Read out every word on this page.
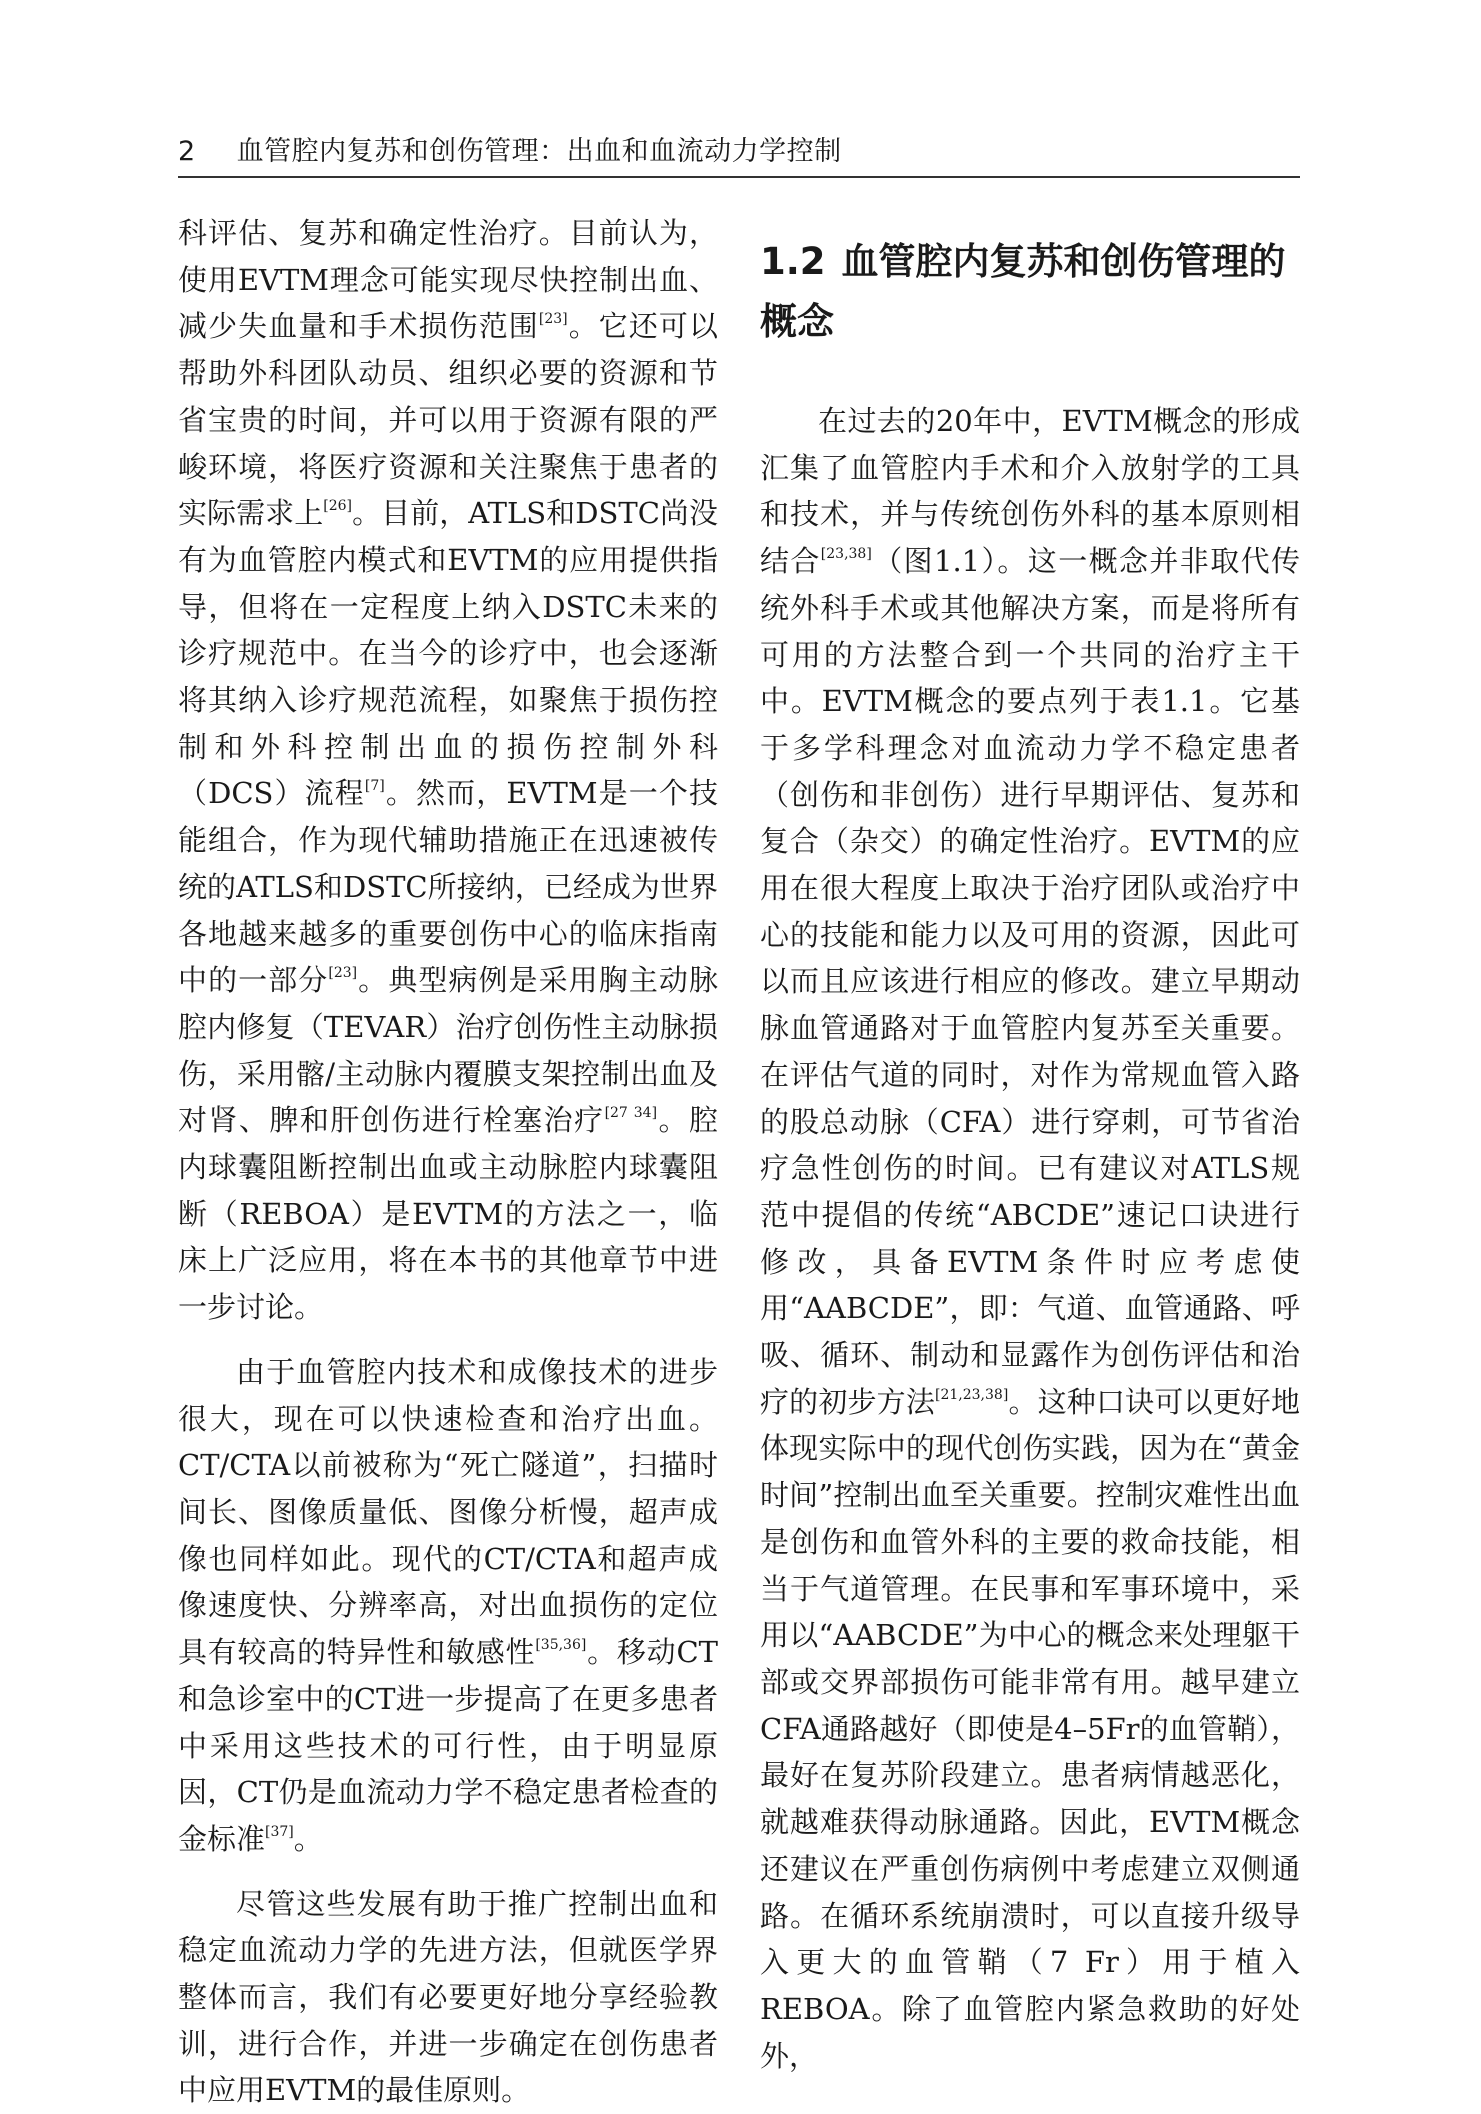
2 血管腔内复苏和创伤管理：出血和血流动力学控制

科评估、复苏和确定性治疗。目前认为，使用EVTM理念可能实现尽快控制出血、减少失血量和手术损伤范围[23]。它还可以帮助外科团队动员、组织必要的资源和节省宝贵的时间，并可以用于资源有限的严峻环境，将医疗资源和关注聚焦于患者的实际需求上[26]。目前，ATLS和DSTC尚没有为血管腔内模式和EVTM的应用提供指导，但将在一定程度上纳入DSTC未来的诊疗规范中。在当今的诊疗中，也会逐渐将其纳入诊疗规范流程，如聚焦于损伤控制和外科控制出血的损伤控制外科（DCS）流程[7]。然而，EVTM是一个技能组合，作为现代辅助措施正在迅速被传统的ATLS和DSTC所接纳，已经成为世界各地越来越多的重要创伤中心的临床指南中的一部分[23]。典型病例是采用胸主动脉腔内修复（TEVAR）治疗创伤性主动脉损伤，采用髂/主动脉内覆膜支架控制出血及对肾、脾和肝创伤进行栓塞治疗[27 34]。腔内球囊阻断控制出血或主动脉腔内球囊阻断（REBOA）是EVTM的方法之一，临床上广泛应用，将在本书的其他章节中进一步讨论。

由于血管腔内技术和成像技术的进步很大，现在可以快速检查和治疗出血。CT/CTA以前被称为“死亡隧道”，扫描时间长、图像质量低、图像分析慢，超声成像也同样如此。现代的CT/CTA和超声成像速度快、分辨率高，对出血损伤的定位具有较高的特异性和敏感性[35,36]。移动CT和急诊室中的CT进一步提高了在更多患者中采用这些技术的可行性，由于明显原因，CT仍是血流动力学不稳定患者检查的金标准[37]。

尽管这些发展有助于推广控制出血和稳定血流动力学的先进方法，但就医学界整体而言，我们有必要更好地分享经验教训，进行合作，并进一步确定在创伤患者中应用EVTM的最佳原则。

1.2 血管腔内复苏和创伤管理的概念

在过去的20年中，EVTM概念的形成汇集了血管腔内手术和介入放射学的工具和技术，并与传统创伤外科的基本原则相结合[23,38]（图1.1）。这一概念并非取代传统外科手术或其他解决方案，而是将所有可用的方法整合到一个共同的治疗主干中。EVTM概念的要点列于表1.1。它基于多学科理念对血流动力学不稳定患者（创伤和非创伤）进行早期评估、复苏和复合（杂交）的确定性治疗。EVTM的应用在很大程度上取决于治疗团队或治疗中心的技能和能力以及可用的资源，因此可以而且应该进行相应的修改。建立早期动脉血管通路对于血管腔内复苏至关重要。在评估气道的同时，对作为常规血管入路的股总动脉（CFA）进行穿刺，可节省治疗急性创伤的时间。已有建议对ATLS规范中提倡的传统“ABCDE”速记口诀进行修改，具备EVTM条件时应考虑使用“AABCDE”，即：气道、血管通路、呼吸、循环、制动和显露作为创伤评估和治疗的初步方法[21,23,38]。这种口诀可以更好地体现实际中的现代创伤实践，因为在“黄金时间”控制出血至关重要。控制灾难性出血是创伤和血管外科的主要的救命技能，相当于气道管理。在民事和军事环境中，采用以“AABCDE”为中心的概念来处理躯干部或交界部损伤可能非常有用。越早建立CFA通路越好（即使是4–5Fr的血管鞘），最好在复苏阶段建立。患者病情越恶化，就越难获得动脉通路。因此，EVTM概念还建议在严重创伤病例中考虑建立双侧通路。在循环系统崩溃时，可以直接升级导入更大的血管鞘（7 Fr）用于植入REBOA。除了血管腔内紧急救助的好处外，
